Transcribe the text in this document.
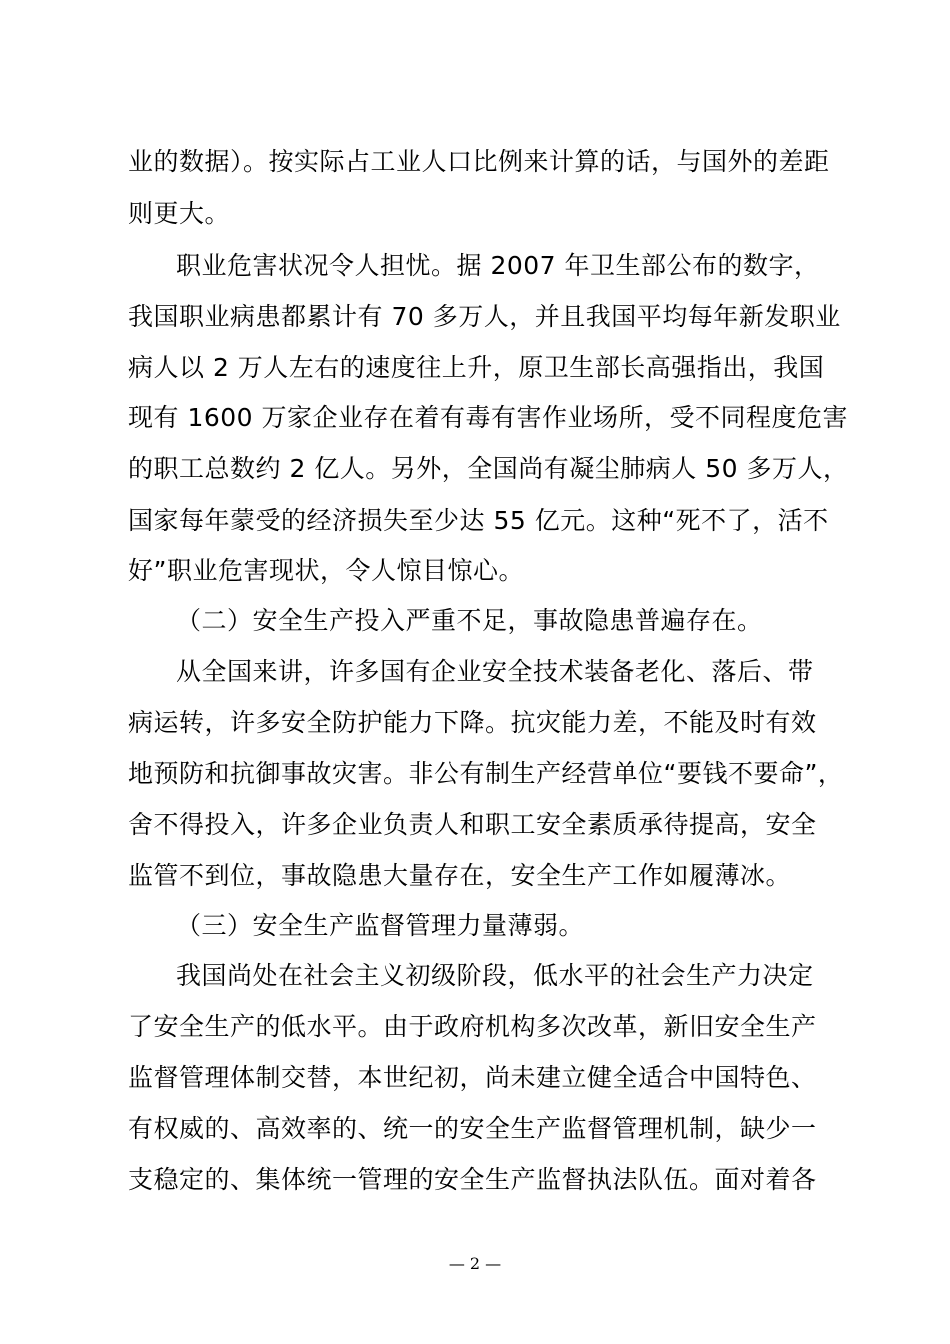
业的数据）。按实际占工业人口比例来计算的话，与国外的差距
则更大。
职业危害状况令人担忧。据 2007 年卫生部公布的数字，
我国职业病患都累计有 70 多万人，并且我国平均每年新发职业
病人以 2 万人左右的速度往上升，原卫生部长高强指出，我国
现有 1600 万家企业存在着有毒有害作业场所，受不同程度危害
的职工总数约 2 亿人。另外，全国尚有凝尘肺病人 50 多万人，
国家每年蒙受的经济损失至少达 55 亿元。这种“死不了，活不
好”职业危害现状，令人惊目惊心。
（二）安全生产投入严重不足，事故隐患普遍存在。
从全国来讲，许多国有企业安全技术装备老化、落后、带
病运转，许多安全防护能力下降。抗灾能力差，不能及时有效
地预防和抗御事故灾害。非公有制生产经营单位“要钱不要命”，
舍不得投入，许多企业负责人和职工安全素质承待提高，安全
监管不到位，事故隐患大量存在，安全生产工作如履薄冰。
（三）安全生产监督管理力量薄弱。
我国尚处在社会主义初级阶段，低水平的社会生产力决定
了安全生产的低水平。由于政府机构多次改革，新旧安全生产
监督管理体制交替，本世纪初，尚未建立健全适合中国特色、
有权威的、高效率的、统一的安全生产监督管理机制，缺少一
支稳定的、集体统一管理的安全生产监督执法队伍。面对着各
— 2 —
